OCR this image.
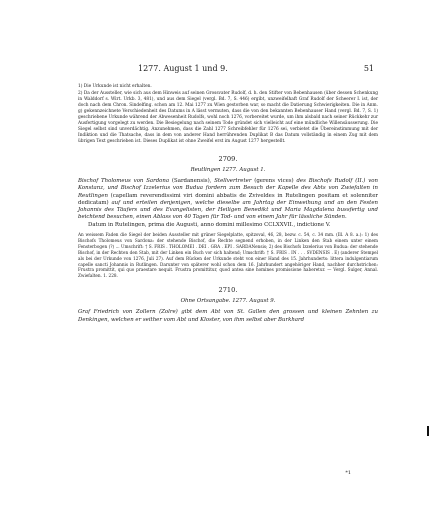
1277. August 1 und 9.	51

1) Die Urkunde ist nicht erhalten.

2) Da der Aussteller, wie sich aus dem Hinweis auf seinen Grossvater Rudolf, d. h. den Stifter von Bebenhausen (über dessen Schenkung in Walddorf s. Wirt. Urkb. 3, 481), und aus dem Siegel (vergl. Bd. 7, S. 446) ergibt, unzweifelhaft Graf Rudolf der Scheerer I. ist, der doch nach dem Chron. Sindelfing. schon am 12. Mai 1277 zu Wien gestorben war, so macht die Datierung Schwierigkeiten. Die in Anm. g) gekennzeichnete Verschiedenheit des Datums in A lässt vermuten, dass die von den bekannten Bebenhauser Hand (vergl. Bd. 7, S. 1) geschriebene Urkunde während der Abwesenheit Rudolfs, wohl noch 1276, vorbereitet wurde, um ihm alsbald nach seiner Rückkehr zur Ausfertigung vorgelegt zu werden. Die Besiegelung nach seinem Tode gründet sich vielleicht auf eine mündliche Willensäusserung. Die Siegel selbst sind unverdächtig. Anzunehmen, dass die Zahl 1277 Schreibfehler für 1276 sei, verbietet die Übereinstimmung mit der Indiktion und die Thatsache, dass in dem von anderer Hand herrührenden Duplikat B das Datum vollständig in einem Zug mit dem übrigen Text geschrieben ist. Dieses Duplikat ist ohne Zweifel erst im August 1277 hergestellt.

2709.
Reutlingen 1277. August 1.

Bischof Tholomeus von Sardona (Sardanensis), Stellvertreter (gerens vices) des Bischofs Rudolf (II.) von Konstanz, und Bischof Izzelerius von Budua fordern zum Besuch der Kapelle des Abts von Zwiefalten in Reutlingen (capellam reverendissimi viri domini abbatis de Zviveldes in Rutelingen positam et solenniter dedicatam) auf und erteilen denjenigen, welche dieselbe am Jahrtag der Einweihung und an den Festen Johannis des Täufers und des Evangelisten, der Heiligen Benedikt und Maria Magdalena bussfertig und beichtend besuchen, einen Ablass von 40 Tagen für Tod- und von einem Jahr für lässliche Sünden.

Datum in Rutelingen, prima die Augusti, anno domini millesimo CCLXXVII., indictione V.

An weissem Faden die Siegel der beiden Aussteller mit grüner Siegelplatte, spitzoval, 46, 28, bezw. c. 54, c. 34 mm. (Ill. A 8. a.): 1) des Bischofs Tholomeus von Sardona: der stehende Bischof, die Rechte segnend erhoben, in der Linken den Stab einem unter einem Fensterbogen (?) ... Umschrift: † S. FRIS . THOLOMEI . DEI . GRA . EPI . SARDANensis; 2) des Bischofs Izzelerius von Budua: der stehende Bischof, in der Rechten den Stab, mit der Linken ein Buch vor sich haltend; Umschrift: † S. FRIS . IN . . . SVDENSIS . E) (anderer Stempel als bei der Urkunde von 1276, Juli 27). Auf dem Rücken der Urkunde steht von einer Hand des 15. Jahrhunderts: littera indulgentiarum capelle sancti Johannis in Rutlingen. Darunter von späterer wohl schon dem 16. Jahrhundert angehöriger Hand, nachher durchstrichen: Frustra promittit, qui quo praestare nequit. Frustra promittitur, quod antea sine homines promissione haberetur. — Vergl. Sulger, Annal. Zwiefalten. 1. 228.

2710.
Ohne Ortsangabe. 1277. August 9.

Graf Friedrich von Zollern (Zolre) gibt dem Abt von St. Gallen den grossen und kleinen Zehnten zu Denkingen, welchen er seither vom Abt und Kloster, von ihm selbst aber Burkhard

*1
